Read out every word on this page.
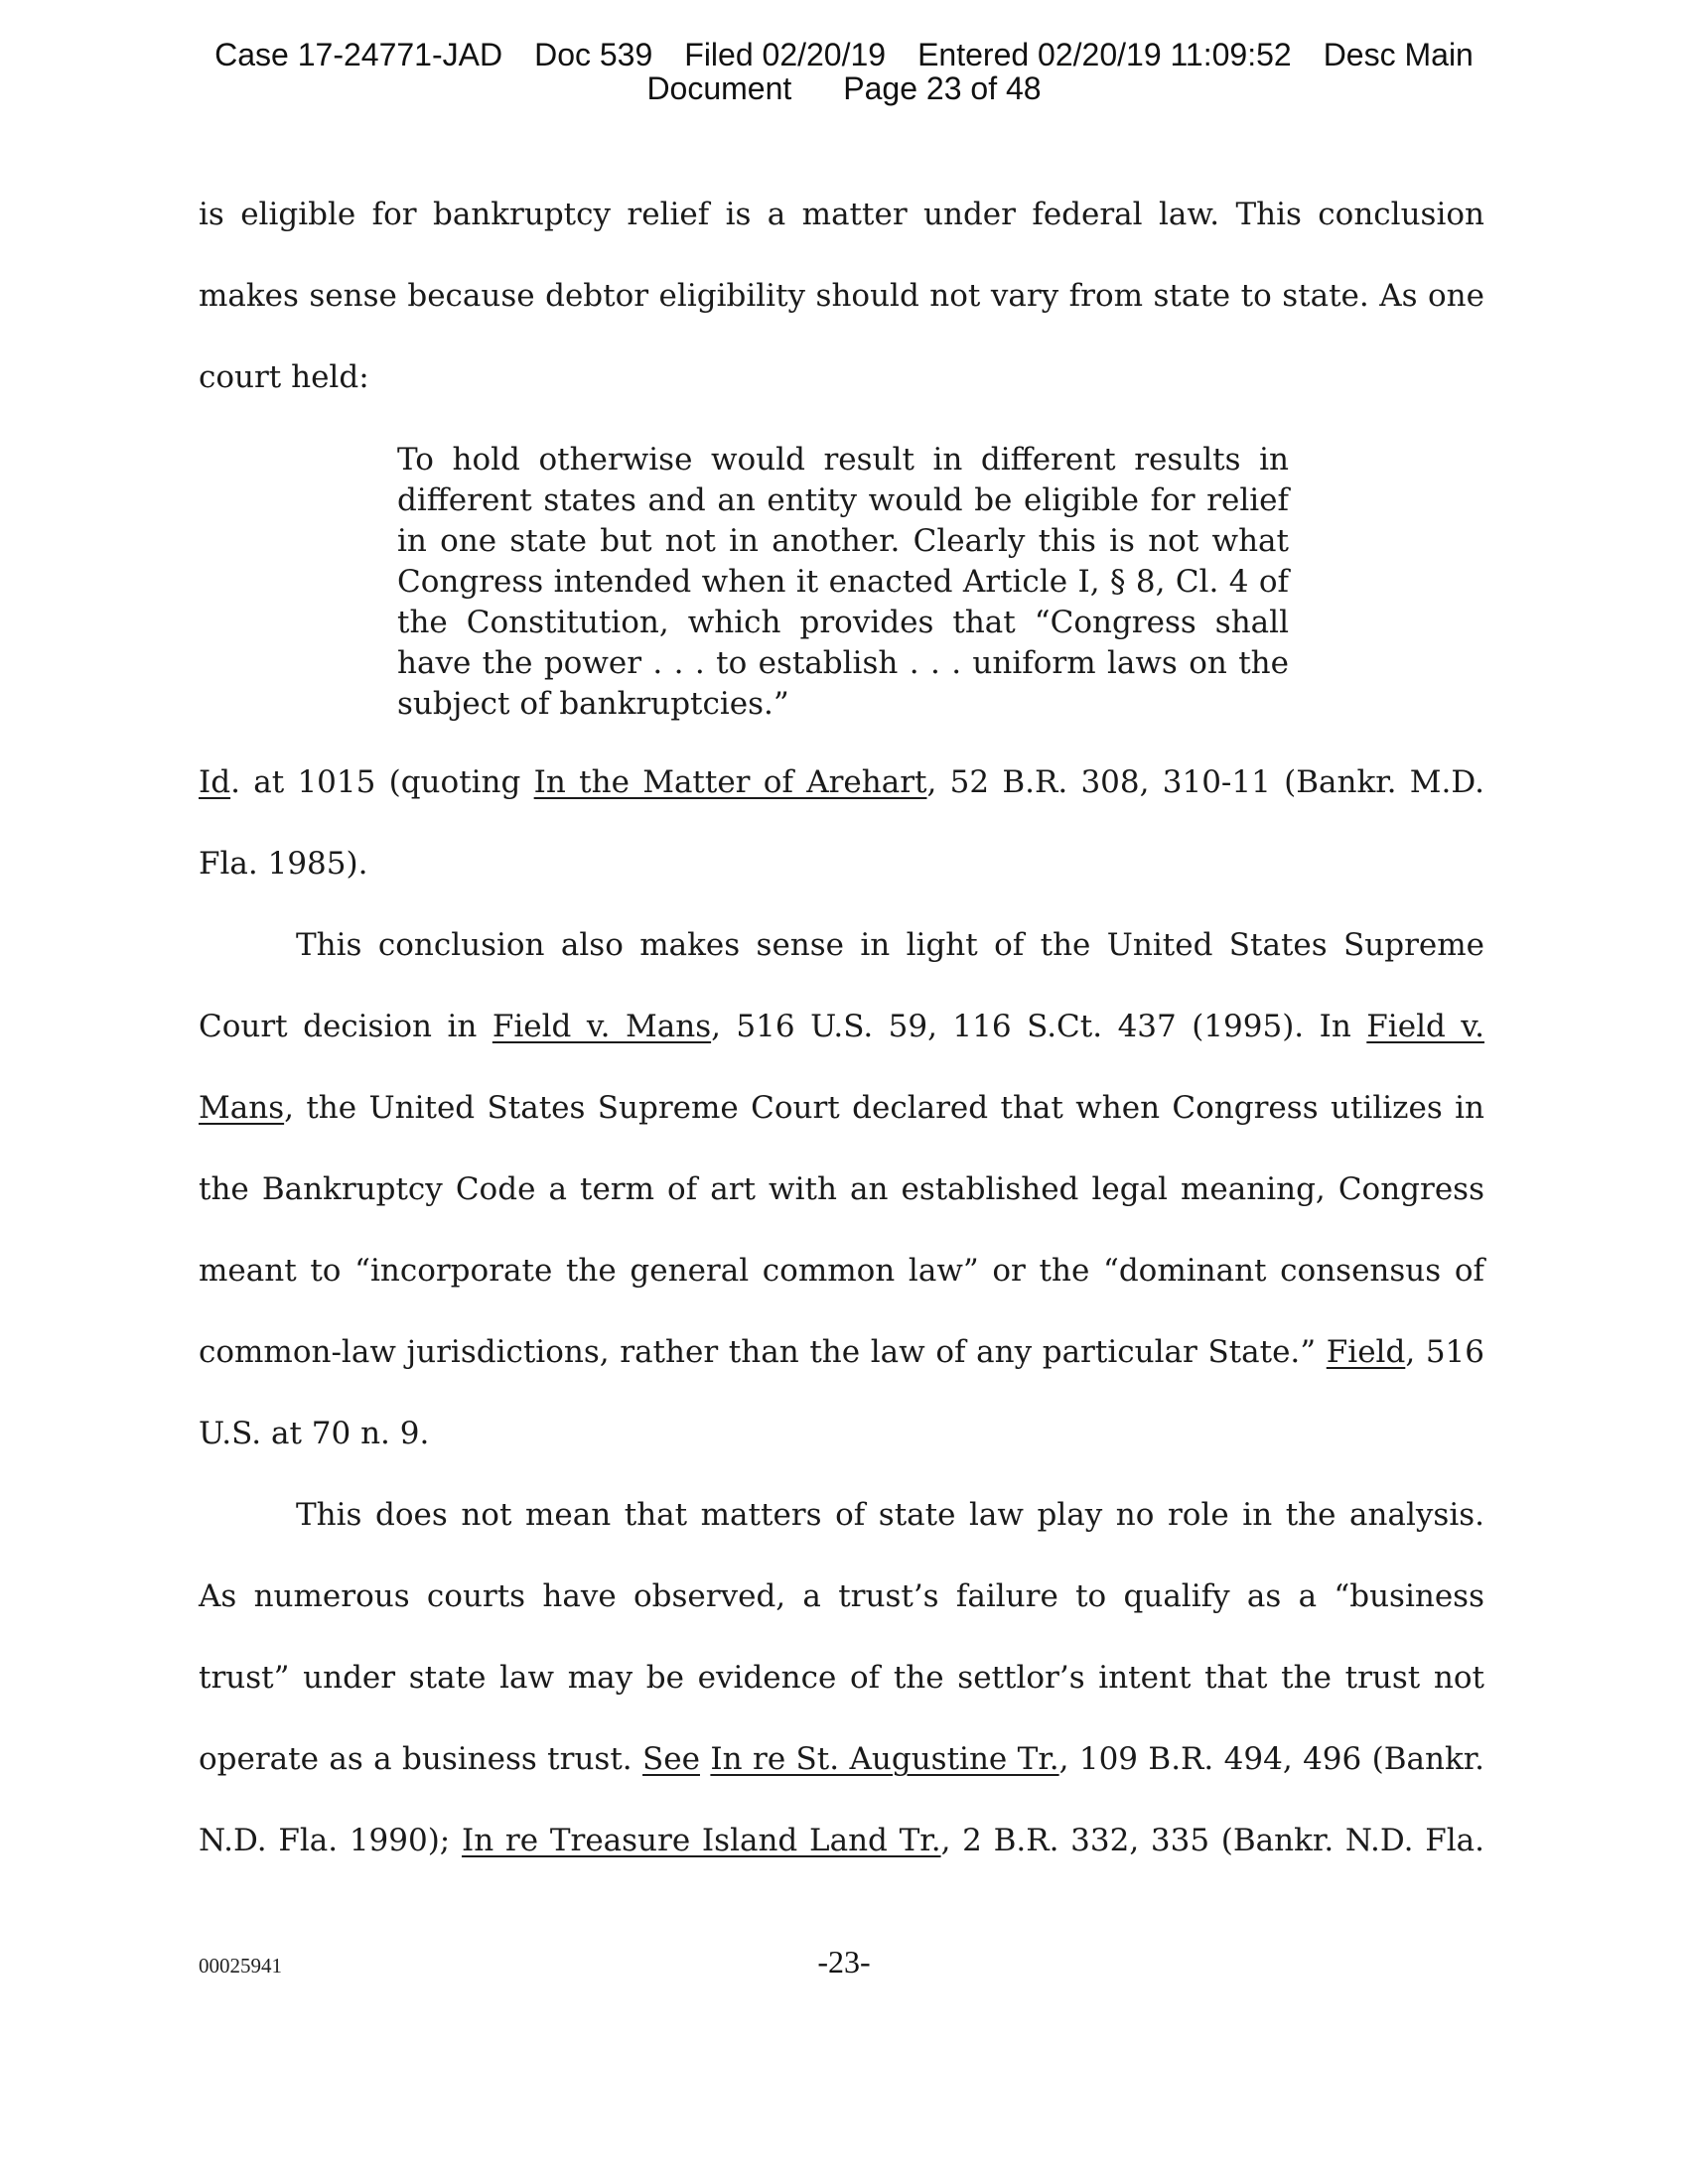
Case 17-24771-JAD Doc 539 Filed 02/20/19 Entered 02/20/19 11:09:52 Desc Main
Document Page 23 of 48
is eligible for bankruptcy relief is a matter under federal law. This conclusion
makes sense because debtor eligibility should not vary from state to state. As one
court held:
Id. at 1015 (quoting In the Matter of Arehart, 52 B.R. 308, 310-11 (Bankr. M.D.
Fla. 1985).
This conclusion also makes sense in light of the United States Supreme
Court decision in Field v. Mans, 516 U.S. 59, 116 S.Ct. 437 (1995). In Field v.
Mans, the United States Supreme Court declared that when Congress utilizes in
the Bankruptcy Code a term of art with an established legal meaning, Congress
meant to “incorporate the general common law” or the “dominant consensus of
common-law jurisdictions, rather than the law of any particular State.” Field, 516
U.S. at 70 n. 9.
This does not mean that matters of state law play no role in the analysis.
As numerous courts have observed, a trust’s failure to qualify as a “business
trust” under state law may be evidence of the settlor’s intent that the trust not
operate as a business trust. See In re St. Augustine Tr., 109 B.R. 494, 496 (Bankr.
N.D. Fla. 1990); In re Treasure Island Land Tr., 2 B.R. 332, 335 (Bankr. N.D. Fla.
To hold otherwise would result in different results in
different states and an entity would be eligible for relief
in one state but not in another. Clearly this is not what
Congress intended when it enacted Article I, § 8, Cl. 4 of
the Constitution, which provides that “Congress shall
have the power . . . to establish . . . uniform laws on the
subject of bankruptcies.”
00025941	-23-
